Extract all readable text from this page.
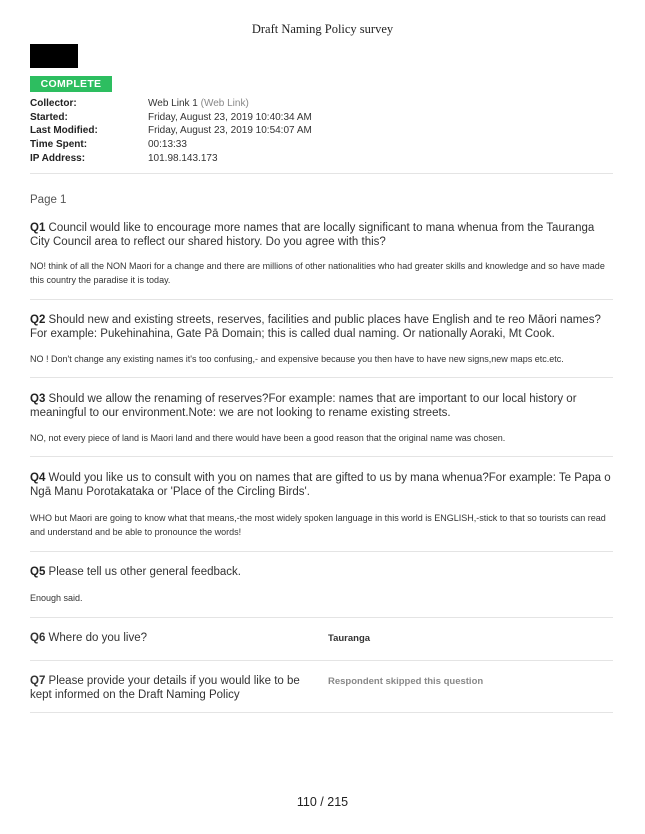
Draft Naming Policy survey
COMPLETE
Collector:	Web Link 1 (Web Link)
Started:	Friday, August 23, 2019 10:40:34 AM
Last Modified:	Friday, August 23, 2019 10:54:07 AM
Time Spent:	00:13:33
IP Address:	101.98.143.173
Page 1
Q1 Council would like to encourage more names that are locally significant to mana whenua from the Tauranga City Council area to reflect our shared history. Do you agree with this?
NO! think of all the NON Maori for a change and there are millions of other nationalities who had greater skills and knowledge and so have made this country the paradise it is today.
Q2 Should new and existing streets, reserves, facilities and public places have English and te reo Māori names?For example: Pukehinahina, Gate Pā Domain; this is called dual naming. Or nationally Aoraki, Mt Cook.
NO ! Don't change any existing names it's too confusing,- and expensive because you then have to have new signs,new maps etc.etc.
Q3 Should we allow the renaming of reserves?For example: names that are important to our local history or meaningful to our environment.Note: we are not looking to rename existing streets.
NO, not every piece of land is Maori land and there would have been a good reason that the original name was chosen.
Q4 Would you like us to consult with you on names that are gifted to us by mana whenua?For example: Te Papa o Ngā Manu Porotakataka or 'Place of the Circling Birds'.
WHO but Maori are going to know what that means,-the most widely spoken language in this world is ENGLISH,-stick to that so tourists can read and understand and be able to pronounce the words!
Q5 Please tell us other general feedback.
Enough said.
Q6 Where do you live?	Tauranga
Q7 Please provide your details if you would like to be kept informed on the Draft Naming Policy
Respondent skipped this question
110 / 215
